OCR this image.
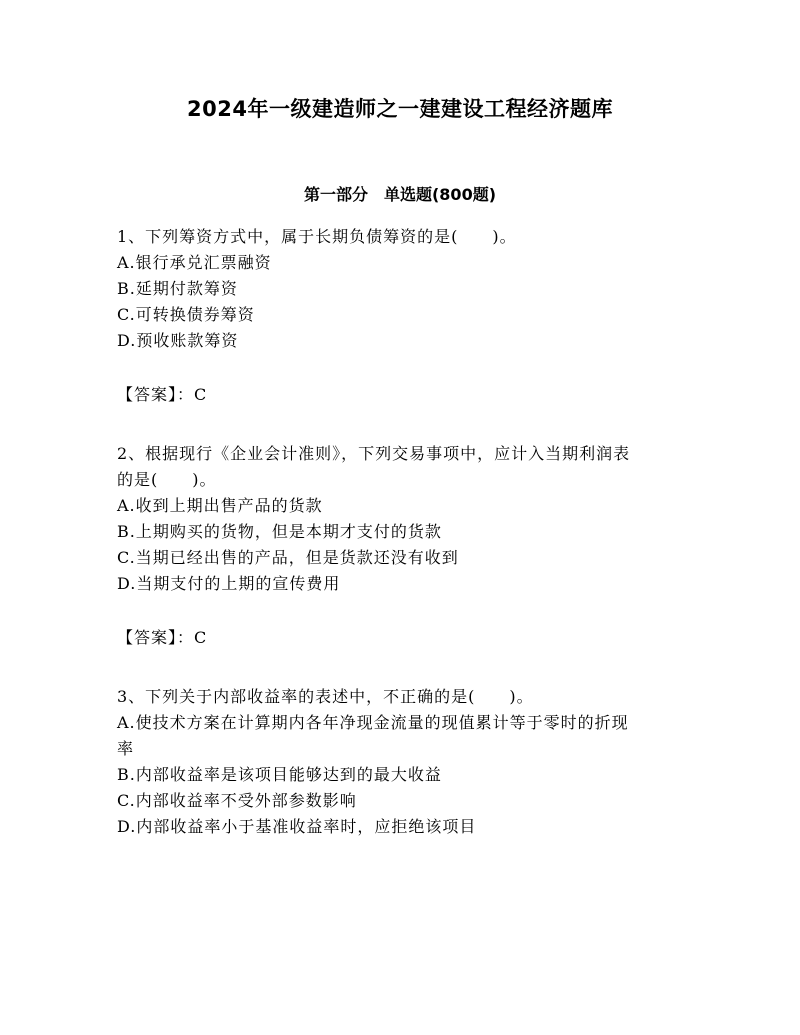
2024年一级建造师之一建建设工程经济题库
第一部分　单选题(800题)
1、下列筹资方式中，属于长期负债筹资的是(　　)。
A.银行承兑汇票融资
B.延期付款筹资
C.可转换债券筹资
D.预收账款筹资
【答案】：C
2、根据现行《企业会计准则》，下列交易事项中，应计入当期利润表
的是(　　)。
A.收到上期出售产品的货款
B.上期购买的货物，但是本期才支付的货款
C.当期已经出售的产品，但是货款还没有收到
D.当期支付的上期的宣传费用
【答案】：C
3、下列关于内部收益率的表述中，不正确的是(　　)。
A.使技术方案在计算期内各年净现金流量的现值累计等于零时的折现
率
B.内部收益率是该项目能够达到的最大收益
C.内部收益率不受外部参数影响
D.内部收益率小于基准收益率时，应拒绝该项目
